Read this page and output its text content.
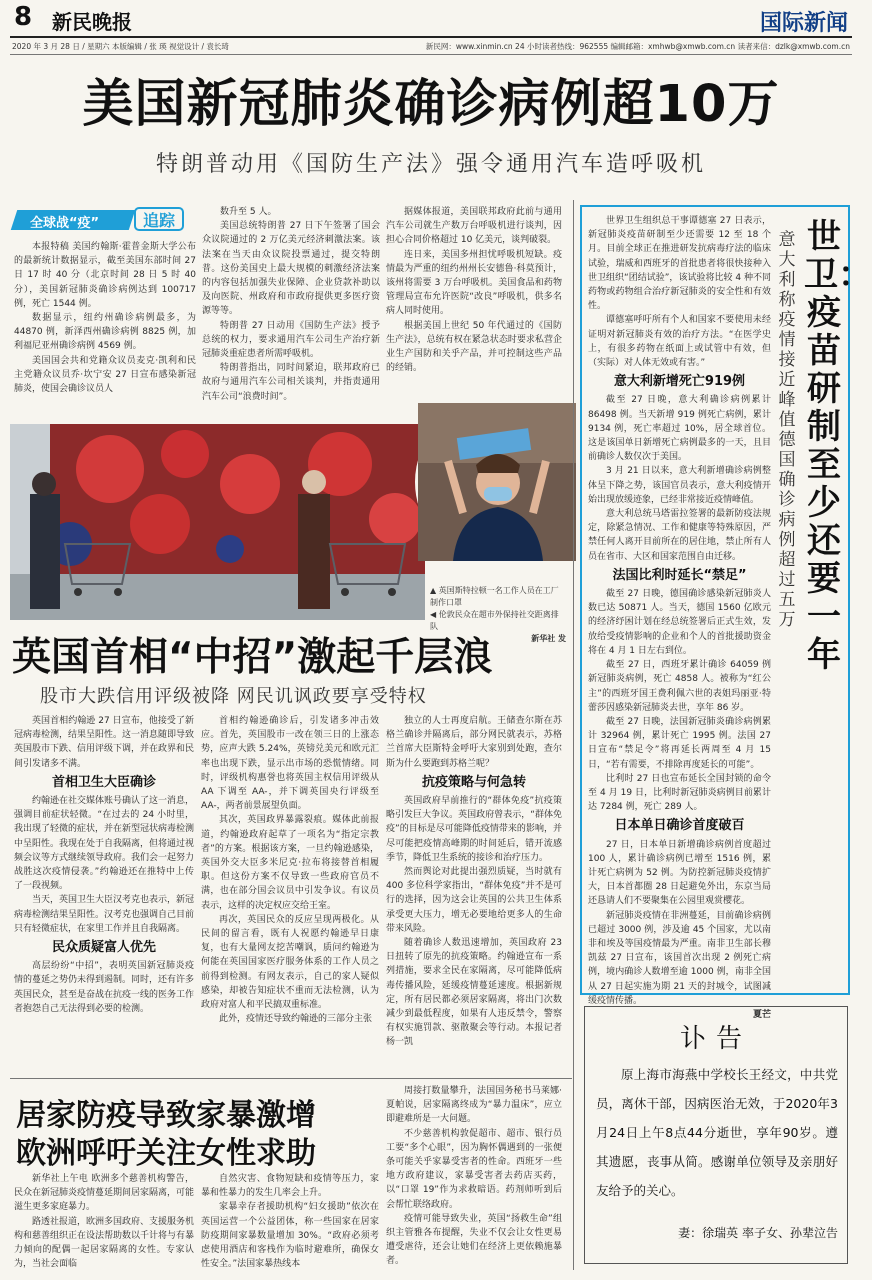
8 新民晚报	国际新闻
2020 年 3 月 28 日 / 星期六 本版编辑 / 张 瑛 视觉设计 / 袁长琦	新民网：www.xinmin.cn 24 小时读者热线：962555 编辑邮箱：xmhwb@xmwb.com.cn 读者来信：dzlk@xmwb.com.cn
美国新冠肺炎确诊病例超10万
特朗普动用《国防生产法》强令通用汽车造呼吸机
全球战“疫”	追踪

本报特稿 美国约翰斯·霍普金斯大学公布的最新统计数据显示，截至美国东部时间 27 日 17 时 40 分（北京时间 28 日 5 时 40 分），美国新冠肺炎确诊病例达到 100717 例，死亡 1544 例。

数据显示，纽约州确诊病例最多，为 44870 例，新泽西州确诊病例 8825 例，加利福尼亚州确诊病例 4569 例。

美国国会共和党籍众议员麦克·凯利和民主党籍众议员乔·坎宁安 27 日宣布感染新冠肺炎，使国会确诊议员人

数升至 5 人。

美国总统特朗普 27 日下午签署了国会众议院通过的 2 万亿美元经济刺激法案。该法案在当天由众议院投票通过，提交特朗普。这份美国史上最大规模的刺激经济法案的内容包括加强失业保障、企业贷款补助以及向医院、州政府和市政府提供更多医疗资源等等。

特朗普 27 日动用《国防生产法》授予总统的权力，要求通用汽车公司生产治疗新冠肺炎重症患者所需呼吸机。

特朗普指出，同时间紧迫，联邦政府已故府与通用汽车公司相关谈判，并指责通用汽车公司“浪费时间”。

据媒体报道，美国联邦政府此前与通用汽车公司就生产数万台呼吸机进行谈判，因担心合同价格超过 10 亿美元，谈判破裂。

连日来，美国多州担忧呼吸机短缺。疫情最为严重的纽约州州长安德鲁·科莫预计，该州将需要 3 万台呼吸机。美国食品和药物管理局宣布允许医院“改良”呼吸机，供多名病人同时使用。

根据美国上世纪 50 年代通过的《国防生产法》，总统有权在紧急状态时要求私营企业生产国防和关乎产品，并可控制这些产品的经销。

▲ 英国斯特拉顿一名工作人员在工厂制作口罩
◀ 伦敦民众在超市外保持社交距离排队
新华社 发
英国首相“中招”激起千层浪
股市大跌信用评级被降 网民讥讽政要享受特权

英国首相约翰逊 27 日宣布，他接受了新冠病毒检测，结果呈阳性。这一消息随即导致英国股市下跌、信用评级下调，并在政界和民间引发诸多不满。

首相卫生大臣确诊

约翰逊在社交媒体账号确认了这一消息，强调目前症状轻微。“在过去的 24 小时里，我出现了轻微的症状，并在新型冠状病毒检测中呈阳性。我现在处于自我隔离，但将通过视频会议等方式继续领导政府。我们会一起努力战胜这次疫情侵袭。”约翰逊还在推特中上传了一段视频。

当天，英国卫生大臣汉考克也表示，新冠病毒检测结果呈阳性。汉考克也强调自己目前只有轻微症状，在家里工作并且自我隔离。

民众质疑富人优先

高层纷纷“中招”，表明英国新冠肺炎疫情的蔓延之势仍未得到遏制。同时，还有许多英国民众，甚至是奋战在抗疫一线的医务工作者抱怨自己无法得到必要的检测。

首相约翰逊确诊后，引发诸多冲击效应。首先，英国股市一改在领三日的上涨态势，应声大跌 5.24%，英镑兑美元和欧元汇率也出现下跌，显示出市场的恐慌情绪。同时，评级机构惠誉也将英国主权信用评级从 AA 下调至 AA-，并下调英国央行评级至 AA-，两者前景展望负面。

其次，英国政界暴露裂痕。媒体此前报道，约翰逊政府起草了一项名为“指定宗教者”的方案。根据该方案，一旦约翰逊感染，英国外交大臣多米尼克·拉布将接替首相履职。但这份方案不仅导致一些政府官员不满，也在部分国会议员中引发争议。有议员表示，这样的决定权应交给王室。

再次，英国民众的反应呈现两极化。从民间的留言看，既有人祝愿约翰逊早日康复，也有大量网友挖苦嘲讽，质问约翰逊为何能在英国国家医疗服务体系的工作人员之前得到检测。有网友表示，自己的家人疑似感染，却被告知症状不重而无法检测，认为政府对富人和平民搞双重标准。

此外，疫情还导致约翰逊的三部分主张

独立的人士再度启航。王储查尔斯在苏格兰确诊并隔离后，部分网民就表示，苏格兰首席大臣斯特金呼吁大家别到处跑，查尔斯为什么要跑到苏格兰呢？

抗疫策略与何急转

英国政府早前推行的“群体免疫”抗疫策略引发巨大争议。英国政府曾表示，“群体免疫”的目标是尽可能降低疫情带来的影响，并尽可能把疫情高峰期的时间延后，错开流感季节，降低卫生系统的接诊和治疗压力。

然而舆论对此提出强烈质疑，当时就有 400 多位科学家指出，“群体免疫”并不是可行的选择，因为这会让英国的公共卫生体系承受更大压力，增无必要地给更多人的生命带来风险。

随着确诊人数迅速增加，英国政府 23 日扭转了原先的抗疫策略。约翰逊宣布一系列措施，要求全民在家隔离，尽可能降低病毒传播风险，延缓疫情蔓延速度。根据新规定，所有居民都必须居家隔离，将出门次数减少到最低程度，如果有人违反禁令，警察有权实施罚款、驱散聚会等行动。本报记者 杨一凯

居家防疫导致家暴激增
欧洲呼吁关注女性求助

新华社上午电 欧洲多个慈善机构警告，民众在新冠肺炎疫情蔓延期间居家隔离，可能滋生更多家庭暴力。

路透社报道，欧洲多国政府、支援服务机构和慈善组织正在设法帮助数以千计将与有暴力倾向的配偶一起居家隔离的女性。专家认为，当社会面临

自然灾害、食物短缺和疫情等压力，家暴和性暴力的发生几率会上升。

家暴幸存者援助机构“妇女援助”依次在英国运营一个公益团体，称一些国家在居家防疫期间家暴数量增加 30%。“政府必须考虑使用酒店和客栈作为临时避难所，确保女性安全。”法国家暴热线本

周接打数量攀升，法国国务秘书马莱娜·夏帕说，居家隔离终成为“暴力温床”，应立即避难所是一大问题。

不少慈善机构敦促超市、超市、银行员工要“多个心眼”，因为胸怀偶遇到的一张便条可能关乎家暴受害者的性命。西班牙一些地方政府建议，家暴受害者去药店买药，以“口罩 19”作为求救暗语。药剂师听到后会帮忙联络政府。

疫情可能导致失业，英国“扬救生命”组织主管雅各布提醒，失业不仅会让女性更易遭受虐待，还会让她们在经济上更依赖施暴者。

世界卫生组织总干事谭德塞 27 日表示，新冠肺炎疫苗研制至少还需要 12 至 18 个月。目前全球正在推进研发抗病毒疗法的临床试验，瑞威和西班牙的首批患者将很快接种入世卫组织“团结试验”，该试验将比较 4 种不同药物或药物组合治疗新冠肺炎的安全性和有效性。

谭德塞呼吁所有个人和国家不要使用未经证明对新冠肺炎有效的治疗方法。“在医学史上，有很多药物在纸面上或试管中有效，但（实际）对人体无效或有害。”

意大利新增死亡919例

截至 27 日晚，意大利确诊病例累计 86498 例。当天新增 919 例死亡病例，累计 9134 例，死亡率超过 10%，居全球首位。这是该国单日新增死亡病例最多的一天，且目前确诊人数仅次于美国。

3 月 21 日以来，意大利新增确诊病例整体呈下降之势，该国官员表示，意大利疫情开始出现放缓迹象，已经非常接近疫情峰值。

意大利总统马塔雷拉签署的最新防疫法规定，除紧急情况、工作和健康等特殊原因，严禁任何人离开目前所在的居住地，禁止所有人员在省市、大区和国家范围自由迁移。

法国比利时延长“禁足”

截至 27 日晚，德国确诊感染新冠肺炎人数已达 50871 人。当天，德国 1560 亿欧元的经济纾困计划在经总统签署后正式生效，发放给受疫情影响的企业和个人的首批援助资金将在 4 月 1 日左右到位。

截至 27 日，西班牙累计确诊 64059 例新冠肺炎病例，死亡 4858 人。被称为“红公主”的西班牙国王费利佩六世的表姐玛丽亚·特蕾莎因感染新冠肺炎去世，享年 86 岁。

截至 27 日晚，法国新冠肺炎确诊病例累计 32964 例，累计死亡 1995 例。法国 27 日宣布“禁足令”将再延长两周至 4 月 15 日，“若有需要，不排除再度延长的可能”。

比利时 27 日也宣布延长全国封锁的命令至 4 月 19 日，比利时新冠肺炎病例目前累计达 7284 例，死亡 289 人。

日本单日确诊首度破百

27 日，日本单日新增确诊病例首度超过 100 人，累计确诊病例已增至 1516 例，累计死亡病例为 52 例。为防控新冠肺炎疫情扩大，日本首都圈 28 日起避免外出，东京当局还恳请人们不要聚集在公园里观赏樱花。

新冠肺炎疫情在非洲蔓延，目前确诊病例已超过 3000 例，涉及逾 45 个国家，尤以南非和埃及等国疫情最为严重。南非卫生部长穆凯兹 27 日宣布，该国首次出现 2 例死亡病例，境内确诊人数增至逾 1000 例，南非全国从 27 日起实施为期 21 天的封城令，试图减缓疫情传播。

夏芒
世卫：疫苗研制至少还要一年
意大利称疫情接近峰值 德国确诊病例超过五万
讣告
原上海市海燕中学校长王经文，中共党员，离休干部，因病医治无效，于2020年3月24日上午8点44分逝世，享年90岁。遵其遗愿，丧事从简。感谢单位领导及亲朋好友给予的关心。
妻：徐瑞英 率子女、孙辈泣告
